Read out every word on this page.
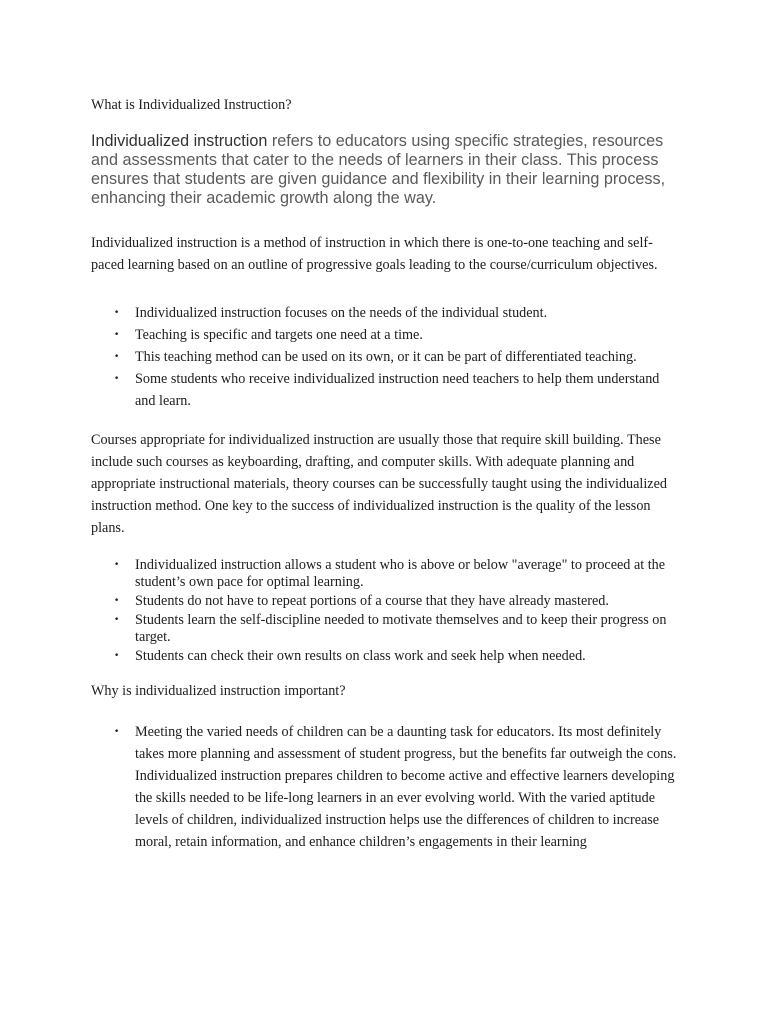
What is Individualized Instruction?

Individualized instruction refers to educators using specific strategies, resources and assessments that cater to the needs of learners in their class. This process ensures that students are given guidance and flexibility in their learning process, enhancing their academic growth along the way.

Individualized instruction is a method of instruction in which there is one-to-one teaching and self-paced learning based on an outline of progressive goals leading to the course/curriculum objectives.

• Individualized instruction focuses on the needs of the individual student.
• Teaching is specific and targets one need at a time.
• This teaching method can be used on its own, or it can be part of differentiated teaching.
• Some students who receive individualized instruction need teachers to help them understand and learn.

Courses appropriate for individualized instruction are usually those that require skill building. These include such courses as keyboarding, drafting, and computer skills. With adequate planning and appropriate instructional materials, theory courses can be successfully taught using the individualized instruction method. One key to the success of individualized instruction is the quality of the lesson plans.

• Individualized instruction allows a student who is above or below "average" to proceed at the student’s own pace for optimal learning.
• Students do not have to repeat portions of a course that they have already mastered.
• Students learn the self-discipline needed to motivate themselves and to keep their progress on target.
• Students can check their own results on class work and seek help when needed.

Why is individualized instruction important?

• Meeting the varied needs of children can be a daunting task for educators. Its most definitely takes more planning and assessment of student progress, but the benefits far outweigh the cons. Individualized instruction prepares children to become active and effective learners developing the skills needed to be life-long learners in an ever evolving world. With the varied aptitude levels of children, individualized instruction helps use the differences of children to increase moral, retain information, and enhance children’s engagements in their learning
